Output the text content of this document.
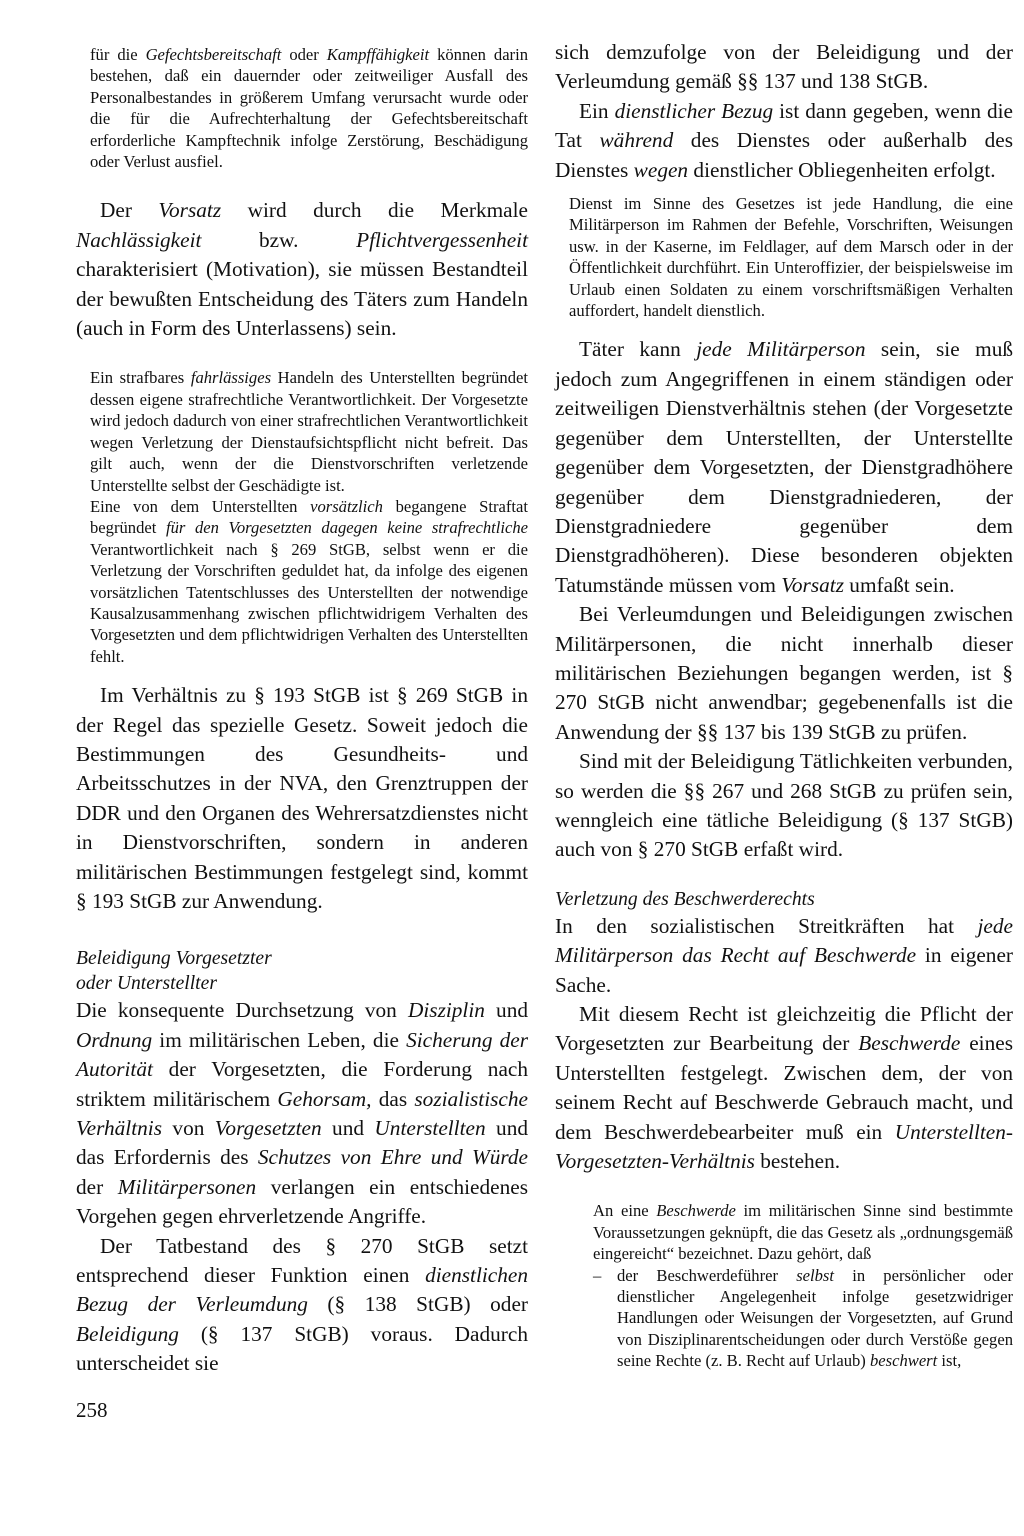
für die Gefechtsbereitschaft oder Kampffähigkeit können darin bestehen, daß ein dauernder oder zeitweiliger Ausfall des Personalbestandes in größerem Umfang verursacht wurde oder die für die Aufrechterhaltung der Gefechtsbereitschaft erforderliche Kampftechnik infolge Zerstörung, Beschädigung oder Verlust ausfiel.

Der Vorsatz wird durch die Merkmale Nachlässigkeit bzw. Pflichtvergessenheit charakterisiert (Motivation), sie müssen Bestandteil der bewußten Entscheidung des Täters zum Handeln (auch in Form des Unterlassens) sein.

Ein strafbares fahrlässiges Handeln des Unterstellten begründet dessen eigene strafrechtliche Verantwortlichkeit. Der Vorgesetzte wird jedoch dadurch von einer strafrechtlichen Verantwortlichkeit wegen Verletzung der Dienstaufsichtspflicht nicht befreit. Das gilt auch, wenn der die Dienstvorschriften verletzende Unterstellte selbst der Geschädigte ist.

Eine von dem Unterstellten vorsätzlich begangene Straftat begründet für den Vorgesetzten dagegen keine strafrechtliche Verantwortlichkeit nach § 269 StGB, selbst wenn er die Verletzung der Vorschriften geduldet hat, da infolge des eigenen vorsätzlichen Tatentschlusses des Unterstellten der notwendige Kausalzusammenhang zwischen pflichtwidrigem Verhalten des Vorgesetzten und dem pflichtwidrigen Verhalten des Unterstellten fehlt.

Im Verhältnis zu § 193 StGB ist § 269 StGB in der Regel das spezielle Gesetz. Soweit jedoch die Bestimmungen des Gesundheits- und Arbeitsschutzes in der NVA, den Grenztruppen der DDR und den Organen des Wehrersatzdienstes nicht in Dienstvorschriften, sondern in anderen militärischen Bestimmungen festgelegt sind, kommt § 193 StGB zur Anwendung.

Beleidigung Vorgesetzter

oder Unterstellter

Die konsequente Durchsetzung von Disziplin und Ordnung im militärischen Leben, die Sicherung der Autorität der Vorgesetzten, die Forderung nach striktem militärischem Gehorsam, das sozialistische Verhältnis von Vorgesetzten und Unterstellten und das Erfordernis des Schutzes von Ehre und Würde der Militärpersonen verlangen ein entschiedenes Vorgehen gegen ehrverletzende Angriffe.

Der Tatbestand des § 270 StGB setzt entsprechend dieser Funktion einen dienstlichen Bezug der Verleumdung (§ 138 StGB) oder Beleidigung (§ 137 StGB) voraus. Dadurch unterscheidet sie

sich demzufolge von der Beleidigung und der Verleumdung gemäß §§ 137 und 138 StGB.

Ein dienstlicher Bezug ist dann gegeben, wenn die Tat während des Dienstes oder außerhalb des Dienstes wegen dienstlicher Obliegenheiten erfolgt.

Dienst im Sinne des Gesetzes ist jede Handlung, die eine Militärperson im Rahmen der Befehle, Vorschriften, Weisungen usw. in der Kaserne, im Feldlager, auf dem Marsch oder in der Öffentlichkeit durchführt. Ein Unteroffizier, der beispielsweise im Urlaub einen Soldaten zu einem vorschriftsmäßigen Verhalten auffordert, handelt dienstlich.

Täter kann jede Militärperson sein, sie muß jedoch zum Angegriffenen in einem ständigen oder zeitweiligen Dienstverhältnis stehen (der Vorgesetzte gegenüber dem Unterstellten, der Unterstellte gegenüber dem Vorgesetzten, der Dienstgradhöhere gegenüber dem Dienstgradniederen, der Dienstgradniedere gegenüber dem Dienstgradhöheren). Diese besonderen objekten Tatumstände müssen vom Vorsatz umfaßt sein.

Bei Verleumdungen und Beleidigungen zwischen Militärpersonen, die nicht innerhalb dieser militärischen Beziehungen begangen werden, ist § 270 StGB nicht anwendbar; gegebenenfalls ist die Anwendung der §§ 137 bis 139 StGB zu prüfen.

Sind mit der Beleidigung Tätlichkeiten verbunden, so werden die §§ 267 und 268 StGB zu prüfen sein, wenngleich eine tätliche Beleidigung (§ 137 StGB) auch von § 270 StGB erfaßt wird.

Verletzung des Beschwerderechts

In den sozialistischen Streitkräften hat jede Militärperson das Recht auf Beschwerde in eigener Sache.

Mit diesem Recht ist gleichzeitig die Pflicht der Vorgesetzten zur Bearbeitung der Beschwerde eines Unterstellten festgelegt. Zwischen dem, der von seinem Recht auf Beschwerde Gebrauch macht, und dem Beschwerdebearbeiter muß ein Unterstellten-Vorgesetzten-Verhältnis bestehen.

An eine Beschwerde im militärischen Sinne sind bestimmte Voraussetzungen geknüpft, die das Gesetz als „ordnungsgemäß eingereicht“ bezeichnet. Dazu gehört, daß

– der Beschwerdeführer selbst in persönlicher oder dienstlicher Angelegenheit infolge gesetzwidriger Handlungen oder Weisungen der Vorgesetzten, auf Grund von Disziplinarentscheidungen oder durch Verstöße gegen seine Rechte (z. B. Recht auf Urlaub) beschwert ist,

258
